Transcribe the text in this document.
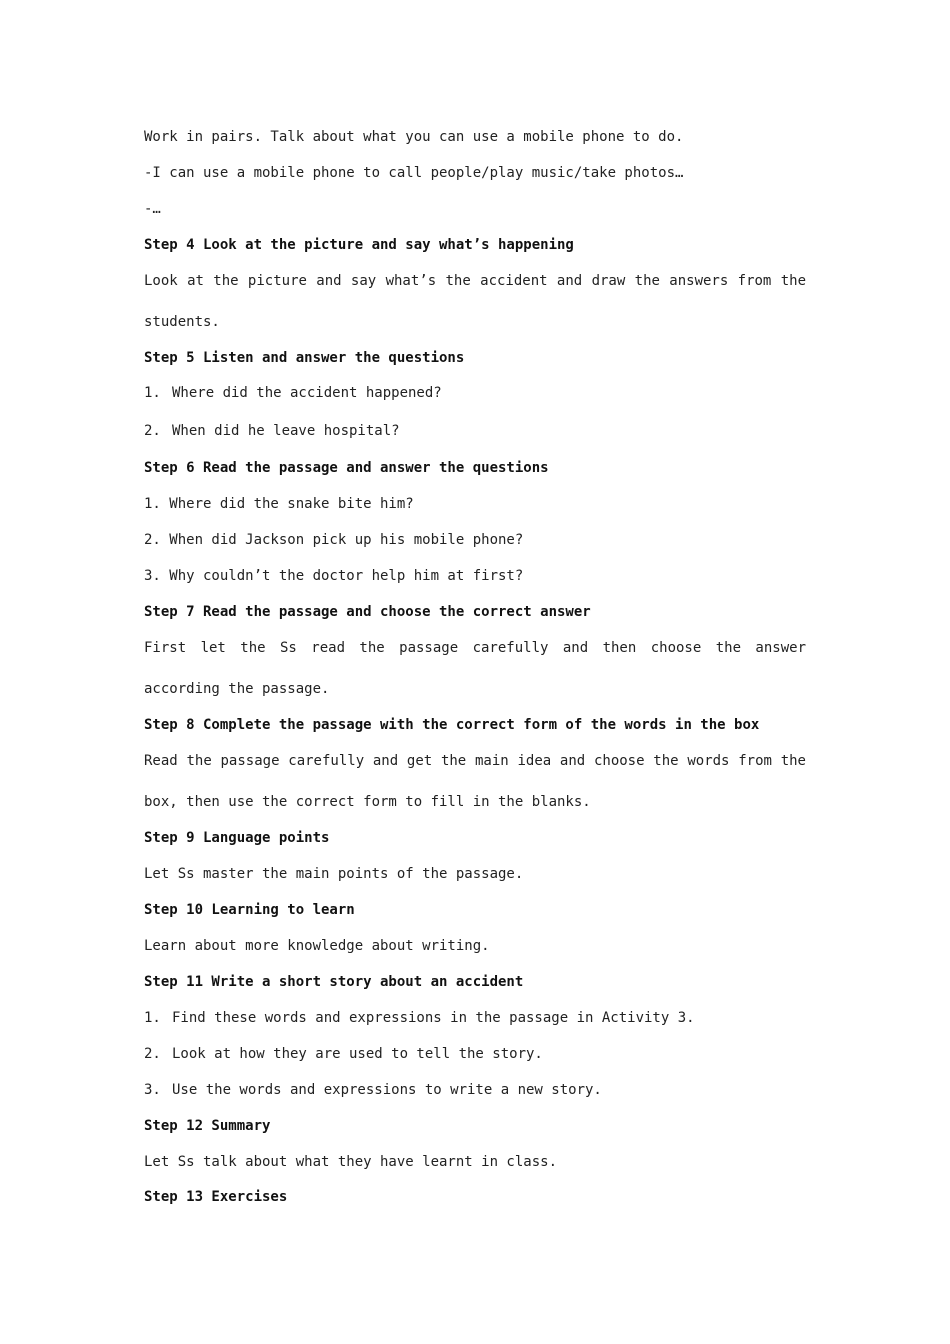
Work in pairs. Talk about what you can use a mobile phone to do.
-I can use a mobile phone to call people/play music/take photos…
-…
Step 4 Look at the picture and say what’s happening
Look at the picture and say what’s the accident and draw the answers from the
students.
Step 5 Listen and answer the questions
1. Where did the accident happened?
2. When did he leave hospital?
Step 6 Read the passage and answer the questions
1. Where did the snake bite him?
2. When did Jackson pick up his mobile phone?
3. Why couldn’t the doctor help him at first?
Step 7 Read the passage and choose the correct answer
First let the Ss read the passage carefully and then choose the answer
according the passage.
Step 8 Complete the passage with the correct form of the words in the box
Read the passage carefully and get the main idea and choose the words from the
box, then use the correct form to fill in the blanks.
Step 9 Language points
Let Ss master the main points of the passage.
Step 10 Learning to learn
Learn about more knowledge about writing.
Step 11 Write a short story about an accident
1. Find these words and expressions in the passage in Activity 3.
2. Look at how they are used to tell the story.
3. Use the words and expressions to write a new story.
Step 12 Summary
Let Ss talk about what they have learnt in class.
Step 13 Exercises
